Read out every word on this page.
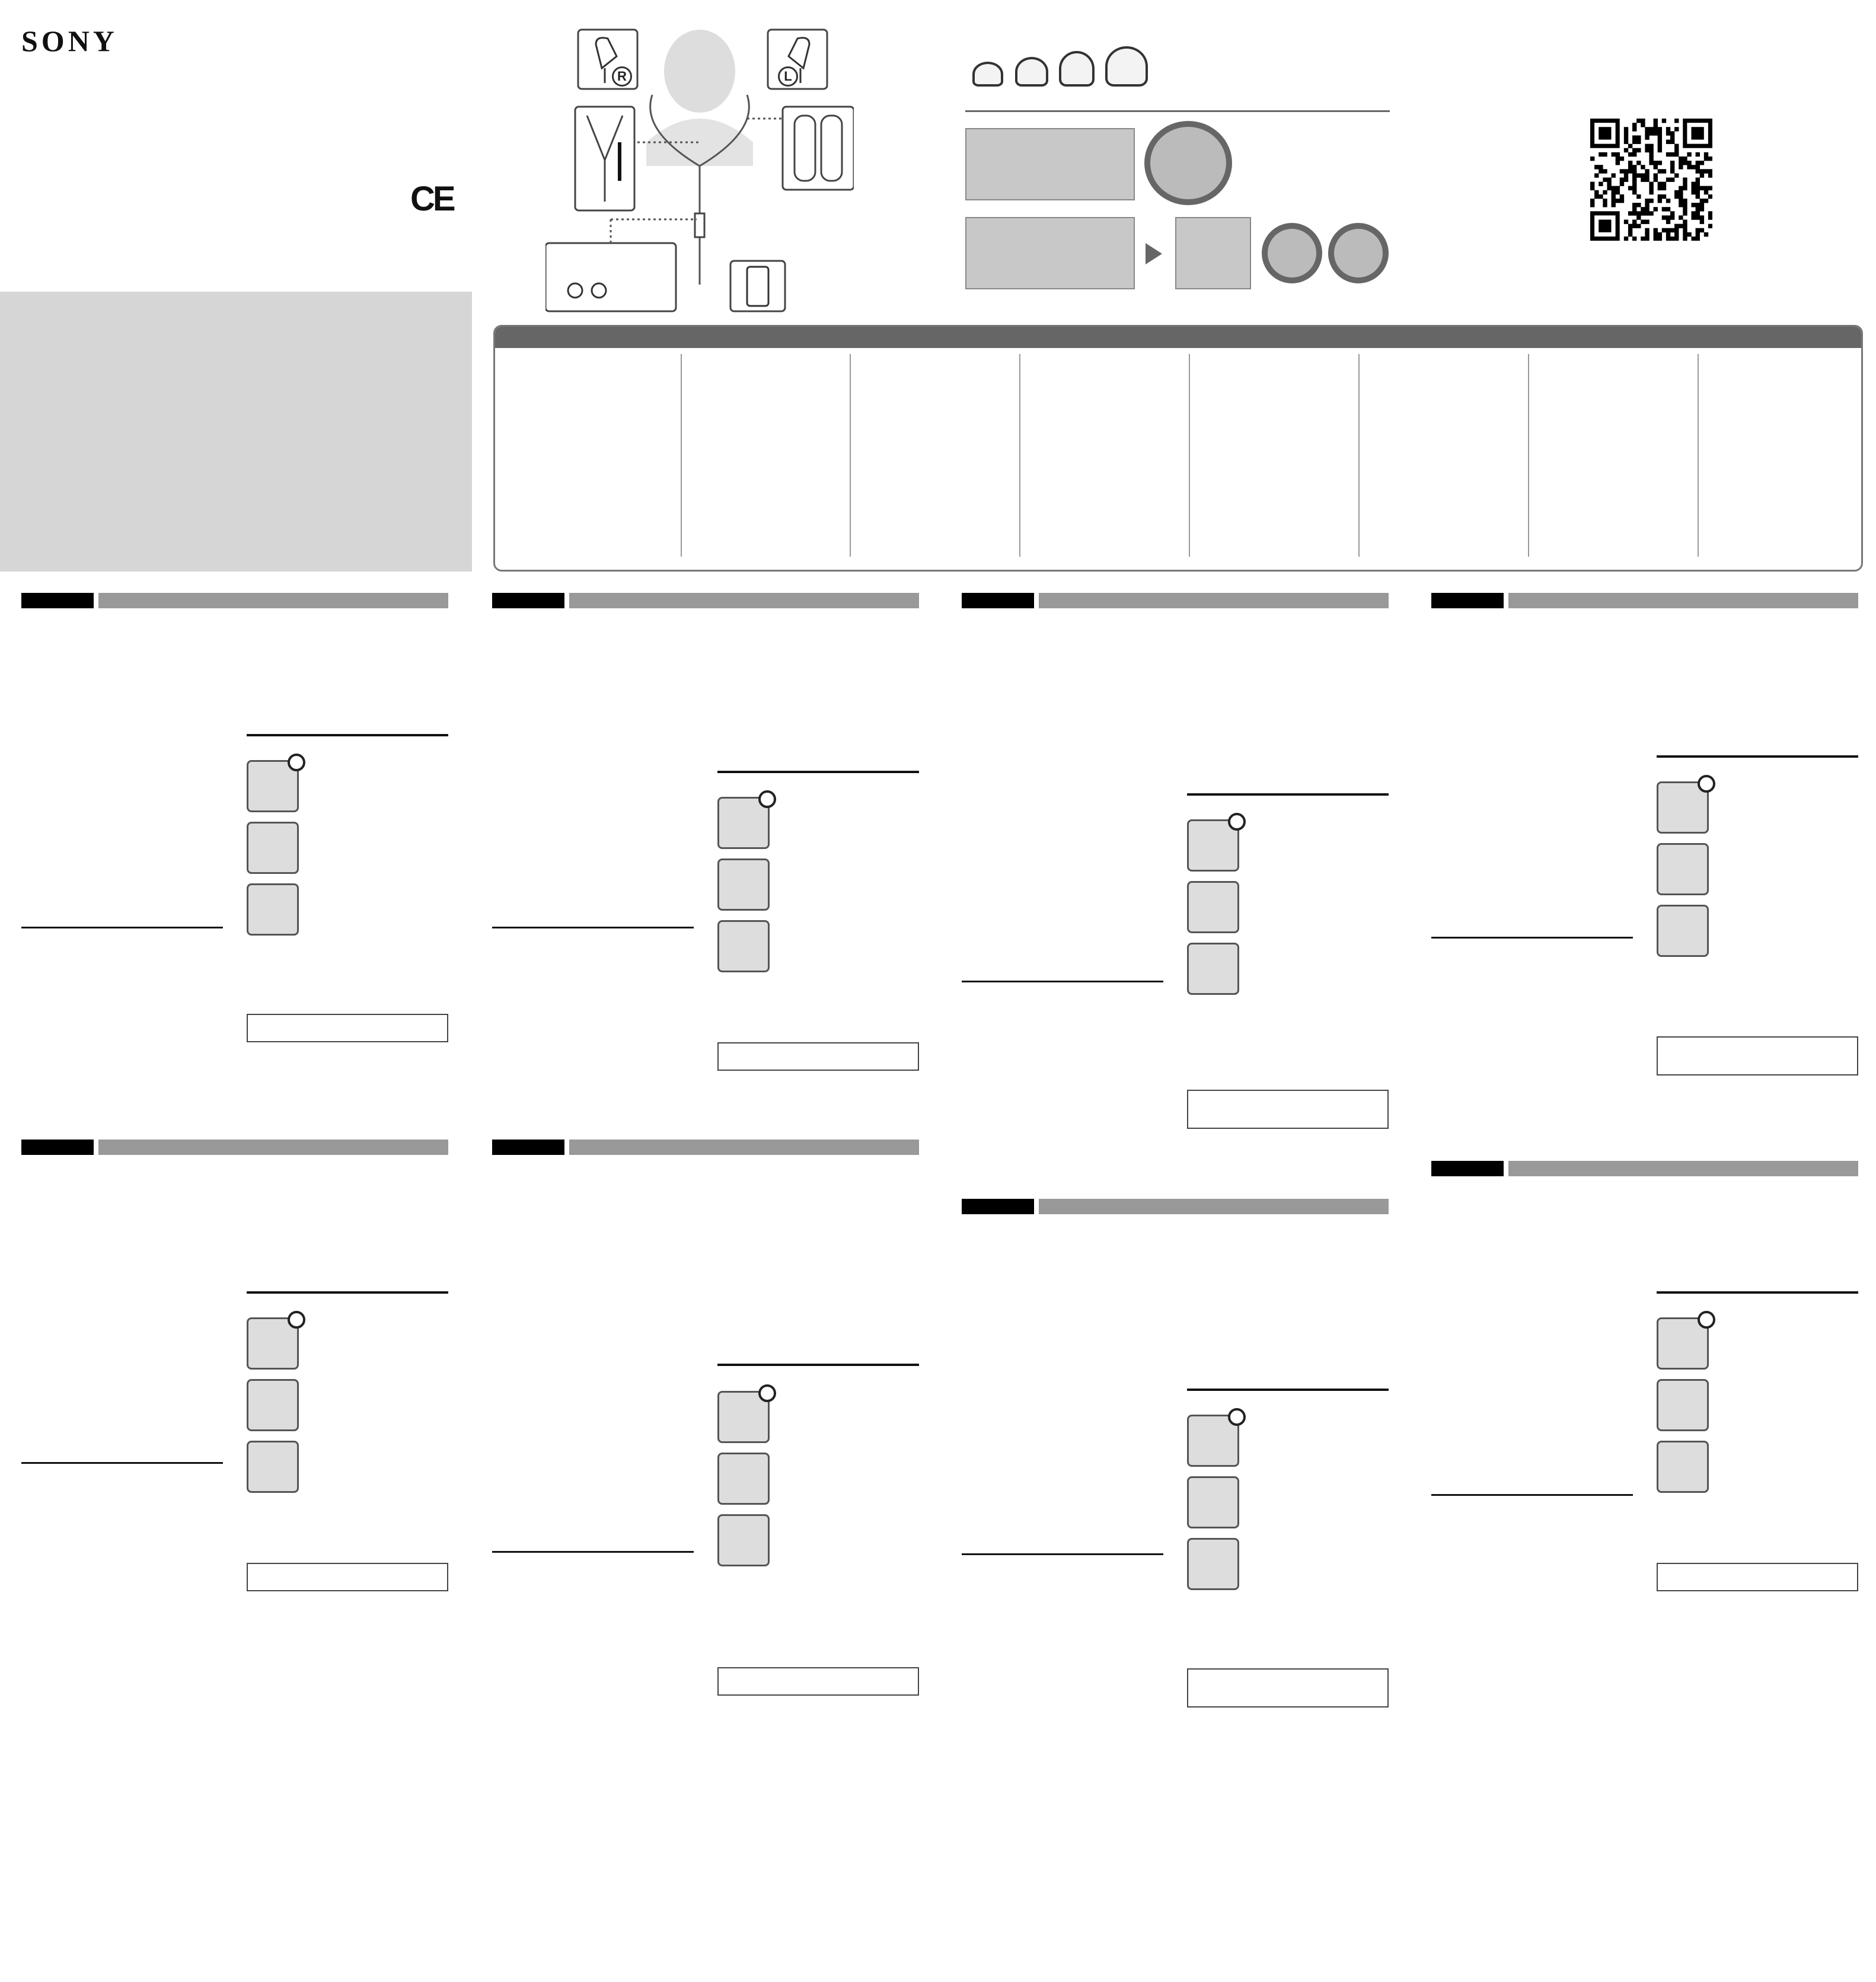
SONY
CE
R	L
